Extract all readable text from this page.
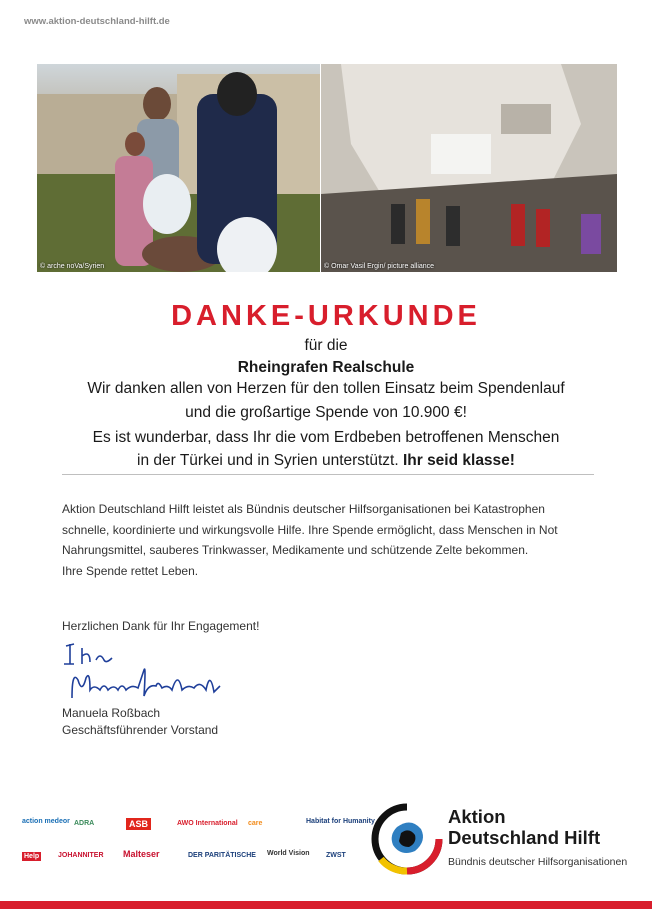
www.aktion-deutschland-hilft.de
© arche noVa/Syrien	© Omar Vasil Ergin/ picture alliance
DANKE-URKUNDE
für die
Rheingrafen Realschule
Wir danken allen von Herzen für den tollen Einsatz beim Spendenlauf
und die großartige Spende von 10.900 €!
Es ist wunderbar, dass Ihr die vom Erdbeben betroffenen Menschen
in der Türkei und in Syrien unterstützt. Ihr seid klasse!
Aktion Deutschland Hilft leistet als Bündnis deutscher Hilfsorganisationen bei Katastrophen
schnelle, koordinierte und wirkungsvolle Hilfe. Ihre Spende ermöglicht, dass Menschen in Not
Nahrungsmittel, sauberes Trinkwasser, Medikamente und schützende Zelte bekommen.
Ihre Spende rettet Leben.
Herzlichen Dank für Ihr Engagement!
Manuela Roßbach
Geschäftsführender Vorstand
action medeor ADRA	ASB	AWO International care	Habitat for Humanity
Help	JOHANNITER Malteser	DER PARITÄTISCHE World Vision ZWST
Aktion
Deutschland Hilft
Bündnis deutscher Hilfsorganisationen
